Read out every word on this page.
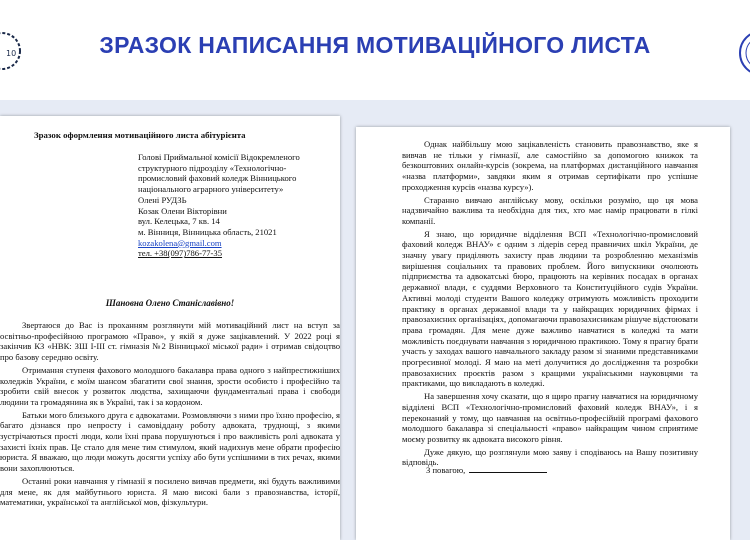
10	ЗРАЗОК НАПИСАННЯ МОТИВАЦІЙНОГО ЛИСТА

Зразок оформлення мотиваційного листа абітурієнта

Голові Приймальної комісії Відокремленого
структурного підрозділу «Технологічно-
промисловий фаховий коледж Вінницького
національного аграрного університету»
Олені РУДЗЬ
Козак Олени Вікторівни
вул. Келецька, 7 кв. 14
м. Вінниця, Вінницька область, 21021
kozakolena@gmail.com
тел. +38(097)786-77-35

Шановна Олено Станіславівно!

Звертаюся до Вас із проханням розглянути мій мотиваційний лист на вступ за освітньо-професійною програмою «Право», у якій я дуже зацікавлений. У 2022 році я закінчив КЗ «НВК: ЗШ І-ІІІ ст. гімназія №2 Вінницької міської ради» і отримав свідоцтво про базову середню освіту.

Отримання ступеня фахового молодшого бакалавра права одного з найпрестижніших коледжів України, є моїм шансом збагатити свої знання, зрости особисто і професійно та зробити свій внесок у розвиток людства, захищаючи фундаментальні права і свободи людини та громадянина як в Україні, так і за кордоном.

Батьки мого близького друга є адвокатами. Розмовляючи з ними про їхню професію, я багато дізнався про непросту і самовіддану роботу адвоката, труднощі, з якими зустрічаються прості люди, коли їхні права порушуються і про важливість ролі адвоката у захисті їхніх прав. Це стало для мене тим стимулом, який надихнув мене обрати професію юриста. Я вважаю, що люди можуть досягти успіху або бути успішними в тих речах, якими вони захоплюються.

Останні роки навчання у гімназії я посилено вивчав предмети, які будуть важливими для мене, як для майбутнього юриста. Я маю високі бали з правознавства, історії, математики, української та англійської мов, фізкультури.

Однак найбільшу мою зацікавленість становить правознавство, яке я вивчав не тільки у гімназії, але самостійно за допомогою книжок та безкоштовних онлайн-курсів (зокрема, на платформах дистанційного навчання «назва платформи», завдяки яким я отримав сертифікати про успішне проходження курсів «назва курсу»).

Старанно вивчаю англійську мову, оскільки розумію, що ця мова надзвичайно важлива та необхідна для тих, хто має намір працювати в гілкі компанії.

Я знаю, що юридичне відділення ВСП «Технологічно-промисловий фаховий коледж ВНАУ» є одним з лідерів серед правничих шкіл України, де значну увагу приділяють захисту прав людини та розробленню механізмів вирішення соціальних та правових проблем. Його випускники очолюють підприємства та адвокатські бюро, працюють на керівних посадах в органах державної влади, є суддями Верховного та Конституційного судів України. Активні молоді студенти Вашого коледжу отримують можливість проходити практику в органах державної влади та у найкращих юридичних фірмах і правозахисних організаціях, допомагаючи правозахисникам рішуче відстоювати права громадян. Для мене дуже важливо навчатися в коледжі та мати можливість поєднувати навчання з юридичною практикою. Тому я прагну брати участь у заходах вашого навчального закладу разом зі знаними представниками прогресивної молоді. Я маю на меті долучитися до дослідження та розробки правозахисних проєктів разом з кращими українськими науковцями та практиками, що викладають в коледжі.

На завершення хочу сказати, що я щиро прагну навчатися на юридичному відділені ВСП «Технологічно-промисловий фаховий коледж ВНАУ», і я переконаний у тому, що навчання на освітньо-професійній програмі фахового молодшого бакалавра зі спеціальності «право» найкращим чином сприятиме моєму розвитку як адвоката високого рівня.

Дуже дякую, що розглянули мою заяву і сподіваюсь на Вашу позитивну відповідь.

З повагою,
